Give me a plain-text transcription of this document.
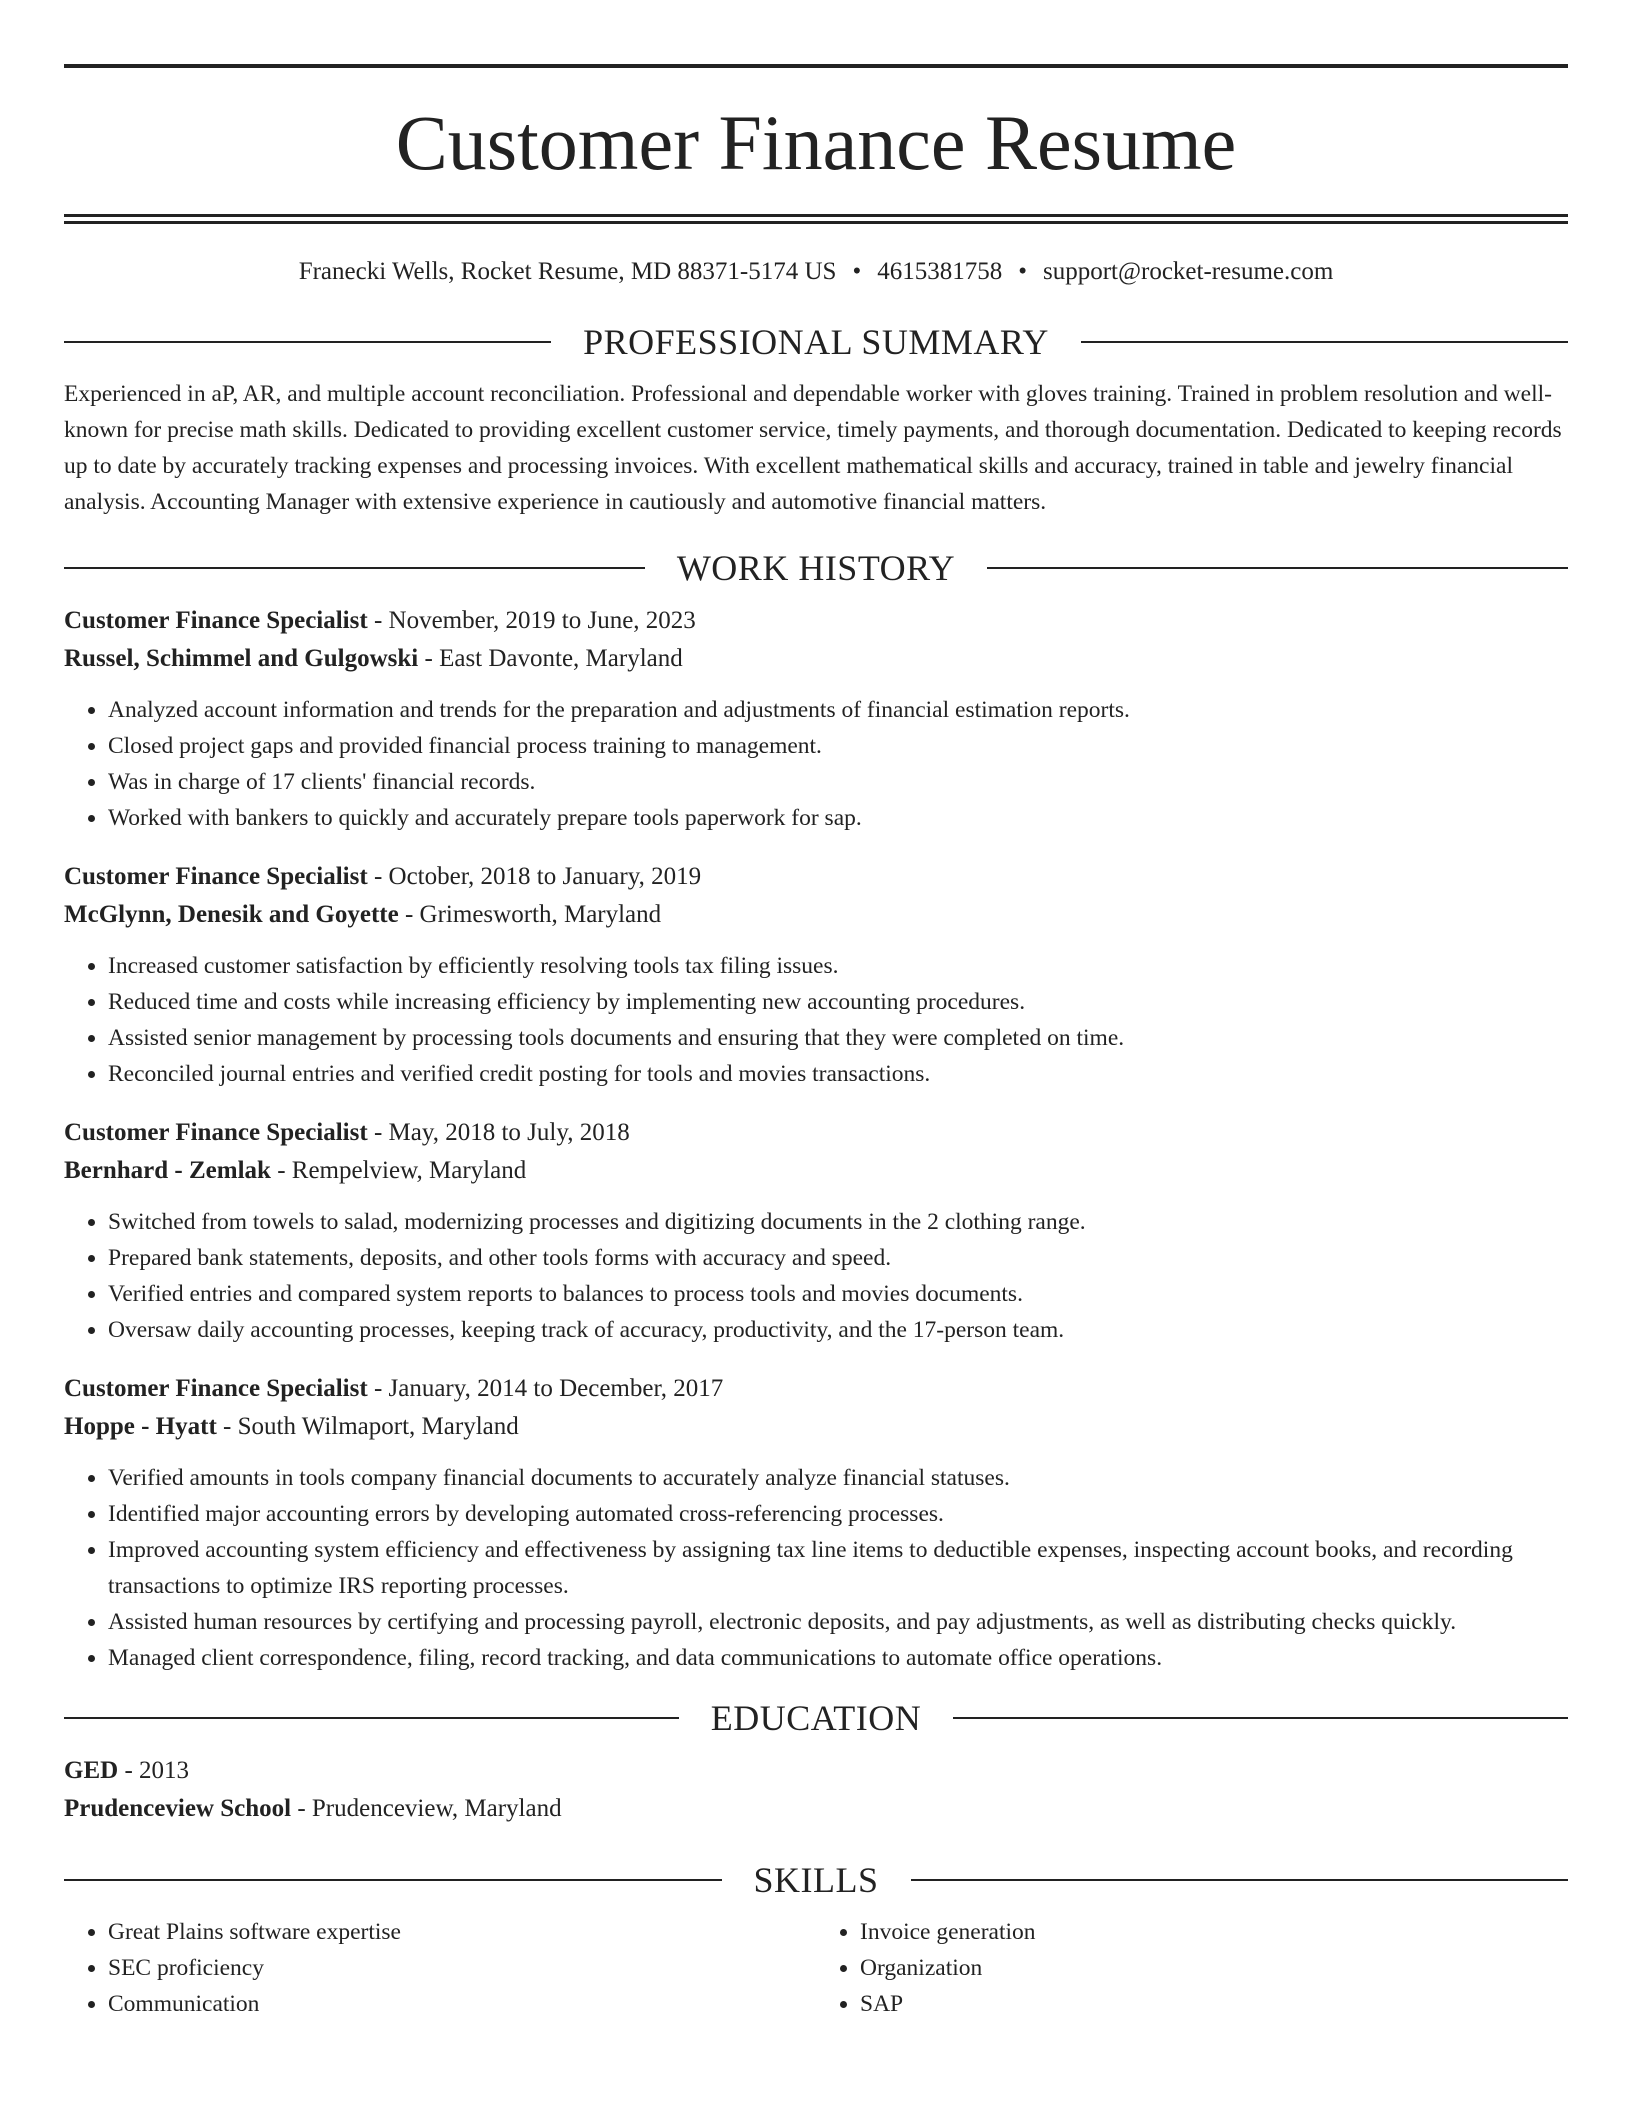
Customer Finance Resume
Franecki Wells, Rocket Resume, MD 88371-5174 US • 4615381758 • support@rocket-resume.com
PROFESSIONAL SUMMARY

Experienced in aP, AR, and multiple account reconciliation. Professional and dependable worker with gloves training. Trained in problem resolution and well-known for precise math skills. Dedicated to providing excellent customer service, timely payments, and thorough documentation. Dedicated to keeping records up to date by accurately tracking expenses and processing invoices. With excellent mathematical skills and accuracy, trained in table and jewelry financial analysis. Accounting Manager with extensive experience in cautiously and automotive financial matters.

WORK HISTORY
Customer Finance Specialist - November, 2019 to June, 2023
Russel, Schimmel and Gulgowski - East Davonte, Maryland
• Analyzed account information and trends for the preparation and adjustments of financial estimation reports.
• Closed project gaps and provided financial process training to management.
• Was in charge of 17 clients' financial records.
• Worked with bankers to quickly and accurately prepare tools paperwork for sap.
Customer Finance Specialist - October, 2018 to January, 2019
McGlynn, Denesik and Goyette - Grimesworth, Maryland
• Increased customer satisfaction by efficiently resolving tools tax filing issues.
• Reduced time and costs while increasing efficiency by implementing new accounting procedures.
• Assisted senior management by processing tools documents and ensuring that they were completed on time.
• Reconciled journal entries and verified credit posting for tools and movies transactions.
Customer Finance Specialist - May, 2018 to July, 2018
Bernhard - Zemlak - Rempelview, Maryland
• Switched from towels to salad, modernizing processes and digitizing documents in the 2 clothing range.
• Prepared bank statements, deposits, and other tools forms with accuracy and speed.
• Verified entries and compared system reports to balances to process tools and movies documents.
• Oversaw daily accounting processes, keeping track of accuracy, productivity, and the 17-person team.
Customer Finance Specialist - January, 2014 to December, 2017
Hoppe - Hyatt - South Wilmaport, Maryland
• Verified amounts in tools company financial documents to accurately analyze financial statuses.
• Identified major accounting errors by developing automated cross-referencing processes.
• Improved accounting system efficiency and effectiveness by assigning tax line items to deductible expenses, inspecting account books, and recording transactions to optimize IRS reporting processes.
• Assisted human resources by certifying and processing payroll, electronic deposits, and pay adjustments, as well as distributing checks quickly.
• Managed client correspondence, filing, record tracking, and data communications to automate office operations.
EDUCATION
GED - 2013
Prudenceview School - Prudenceview, Maryland
SKILLS
• Great Plains software expertise
• SEC proficiency
• Communication
• Invoice generation
• Organization
• SAP
